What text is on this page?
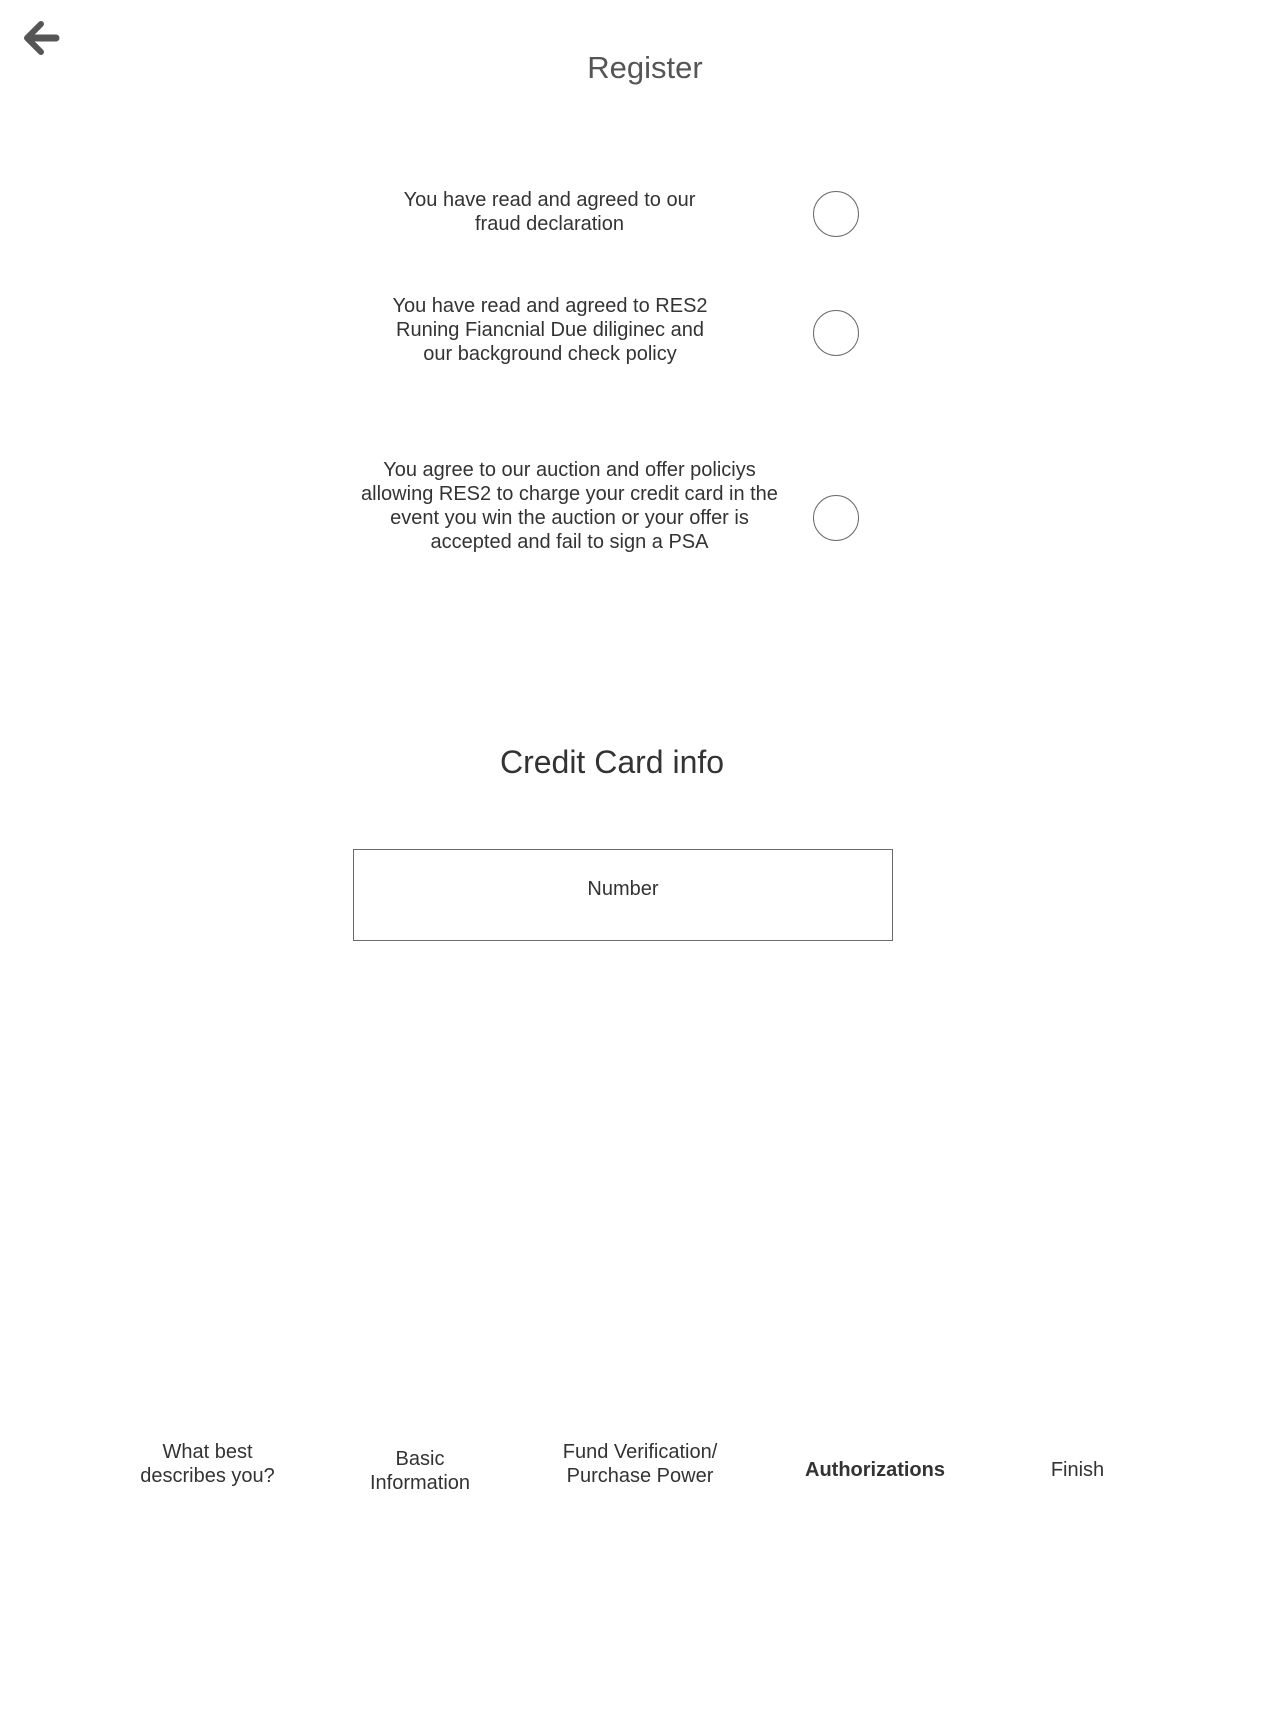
Register
You have read and agreed to our fraud declaration
You have read and agreed to RES2 Runing Fiancnial Due diliginec and our background check policy
You agree to our auction and offer policiys allowing RES2 to charge your credit card in the event you win the auction or your offer is accepted and fail to sign a PSA
Credit Card info
Number
What best describes you?
Basic Information
Fund Verification/ Purchase Power	Authorizations	Finish
